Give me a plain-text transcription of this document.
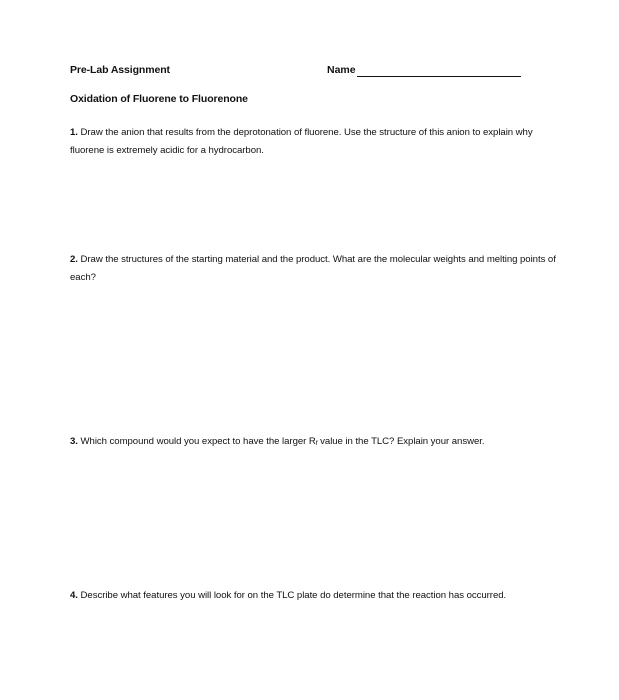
Pre-Lab Assignment	Name
Oxidation of Fluorene to Fluorenone
1. Draw the anion that results from the deprotonation of fluorene. Use the structure of this anion to explain why fluorene is extremely acidic for a hydrocarbon.
2. Draw the structures of the starting material and the product. What are the molecular weights and melting points of each?
3. Which compound would you expect to have the larger $R_f$ value in the TLC? Explain your answer.
4. Describe what features you will look for on the TLC plate do determine that the reaction has occurred.
